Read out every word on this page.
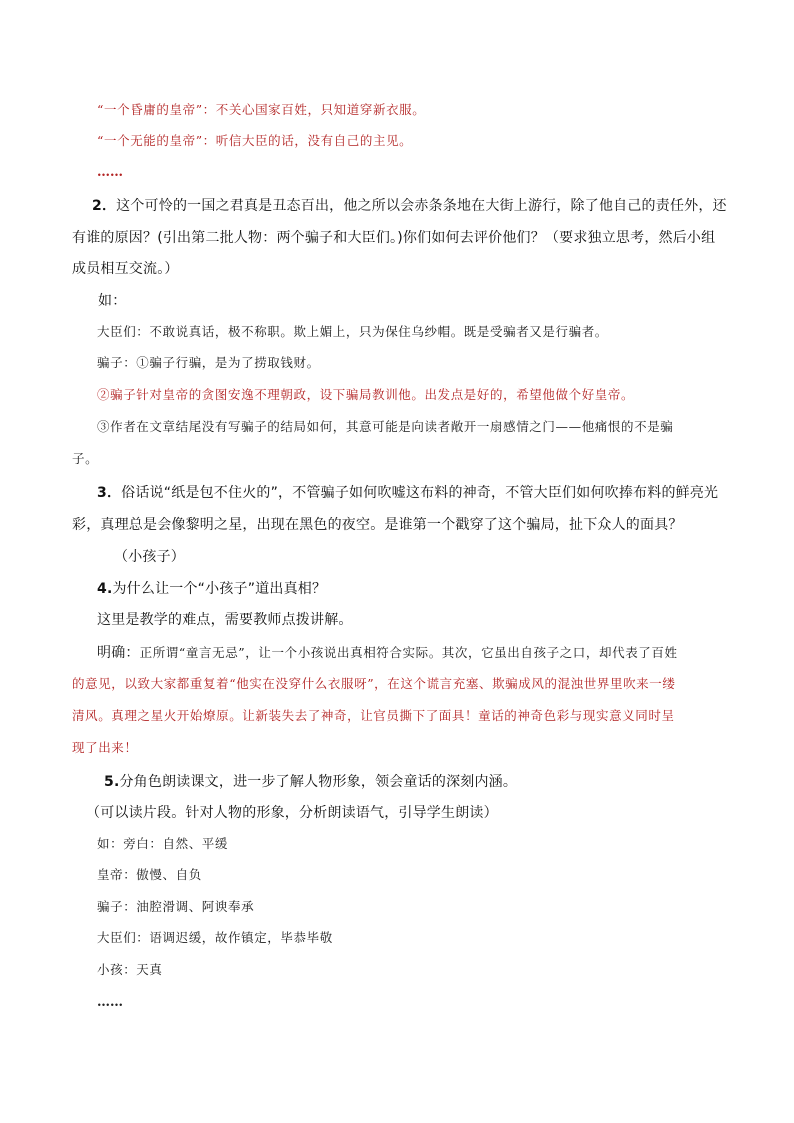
“一个昏庸的皇帝”：不关心国家百姓，只知道穿新衣服。
“一个无能的皇帝”：听信大臣的话，没有自己的主见。
……
2．这个可怜的一国之君真是丑态百出，他之所以会赤条条地在大街上游行，除了他自己的责任外，还
有谁的原因？(引出第二批人物：两个骗子和大臣们。)你们如何去评价他们？（要求独立思考，然后小组
成员相互交流。）
如：
大臣们：不敢说真话，极不称职。欺上媚上，只为保住乌纱帽。既是受骗者又是行骗者。
骗子：①骗子行骗，是为了捞取钱财。
②骗子针对皇帝的贪图安逸不理朝政，设下骗局教训他。出发点是好的，希望他做个好皇帝。
③作者在文章结尾没有写骗子的结局如何，其意可能是向读者敞开一扇感情之门——他痛恨的不是骗
子。
3．俗话说“纸是包不住火的”，不管骗子如何吹嘘这布料的神奇，不管大臣们如何吹捧布料的鲜亮光
彩，真理总是会像黎明之星，出现在黑色的夜空。是谁第一个戳穿了这个骗局，扯下众人的面具？
（小孩子）
4.为什么让一个“小孩子”道出真相？
这里是教学的难点，需要教师点拨讲解。
明确：正所谓“童言无忌”，让一个小孩说出真相符合实际。其次，它虽出自孩子之口，却代表了百姓
的意见，以致大家都重复着“他实在没穿什么衣服呀”，在这个谎言充塞、欺骗成风的混浊世界里吹来一缕
清风。真理之星火开始燎原。让新装失去了神奇，让官员撕下了面具！童话的神奇色彩与现实意义同时呈
现了出来！
5.分角色朗读课文，进一步了解人物形象，领会童话的深刻内涵。
（可以读片段。针对人物的形象，分析朗读语气，引导学生朗读）
如：旁白：自然、平缓
皇帝：傲慢、自负
骗子：油腔滑调、阿谀奉承
大臣们：语调迟缓，故作镇定，毕恭毕敬
小孩：天真
……
